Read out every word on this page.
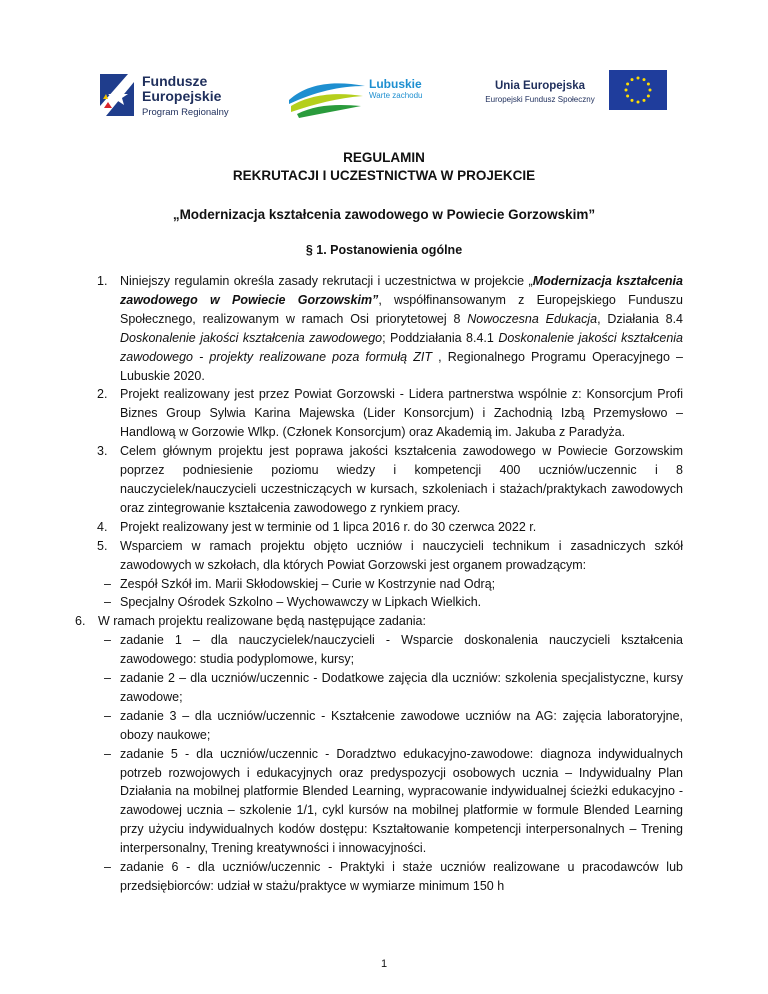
Fundusze
Europejskie
Program Regionalny
Lubuskie
Warte zachodu
Unia Europejska
Europejski Fundusz Społeczny
REGULAMIN
REKRUTACJI I UCZESTNICTWA W PROJEKCIE
„Modernizacja kształcenia zawodowego w Powiecie Gorzowskim”
§ 1. Postanowienia ogólne
1. Niniejszy regulamin określa zasady rekrutacji i uczestnictwa w projekcie „Modernizacja kształcenia zawodowego w Powiecie Gorzowskim”, współfinansowanym z Europejskiego Funduszu Społecznego, realizowanym w ramach Osi priorytetowej 8 Nowoczesna Edukacja, Działania 8.4 Doskonalenie jakości kształcenia zawodowego; Poddziałania 8.4.1 Doskonalenie jakości kształcenia zawodowego - projekty realizowane poza formułą ZIT , Regionalnego Programu Operacyjnego – Lubuskie 2020.

2. Projekt realizowany jest przez Powiat Gorzowski - Lidera partnerstwa wspólnie z: Konsorcjum Profi Biznes Group Sylwia Karina Majewska (Lider Konsorcjum) i Zachodnią Izbą Przemysłowo – Handlową w Gorzowie Wlkp. (Członek Konsorcjum) oraz Akademią im. Jakuba z Paradyża.

3. Celem głównym projektu jest poprawa jakości kształcenia zawodowego w Powiecie Gorzowskim poprzez podniesienie poziomu wiedzy i kompetencji 400 uczniów/uczennic i 8 nauczycielek/nauczycieli uczestniczących w kursach, szkoleniach i stażach/praktykach zawodowych oraz zintegrowanie kształcenia zawodowego z rynkiem pracy.

4. Projekt realizowany jest w terminie od 1 lipca 2016 r. do 30 czerwca 2022 r.

5. Wsparciem w ramach projektu objęto uczniów i nauczycieli technikum i zasadniczych szkół zawodowych w szkołach, dla których Powiat Gorzowski jest organem prowadzącym:

– Zespół Szkół im. Marii Skłodowskiej – Curie w Kostrzynie nad Odrą;

– Specjalny Ośrodek Szkolno – Wychowawczy w Lipkach Wielkich.

6. W ramach projektu realizowane będą następujące zadania:

– zadanie 1 – dla nauczycielek/nauczycieli - Wsparcie doskonalenia nauczycieli kształcenia zawodowego: studia podyplomowe, kursy;

– zadanie 2 – dla uczniów/uczennic - Dodatkowe zajęcia dla uczniów: szkolenia specjalistyczne, kursy zawodowe;

– zadanie 3 – dla uczniów/uczennic - Kształcenie zawodowe uczniów na AG: zajęcia laboratoryjne, obozy naukowe;

– zadanie 5 - dla uczniów/uczennic - Doradztwo edukacyjno-zawodowe: diagnoza indywidualnych potrzeb rozwojowych i edukacyjnych oraz predyspozycji osobowych ucznia – Indywidualny Plan Działania na mobilnej platformie Blended Learning, wypracowanie indywidualnej ścieżki edukacyjno - zawodowej ucznia – szkolenie 1/1, cykl kursów na mobilnej platformie w formule Blended Learning przy użyciu indywidualnych kodów dostępu: Kształtowanie kompetencji interpersonalnych – Trening interpersonalny, Trening kreatywności i innowacyjności.

– zadanie 6 - dla uczniów/uczennic - Praktyki i staże uczniów realizowane u pracodawców lub przedsiębiorców: udział w stażu/praktyce w wymiarze minimum 150 h

1
